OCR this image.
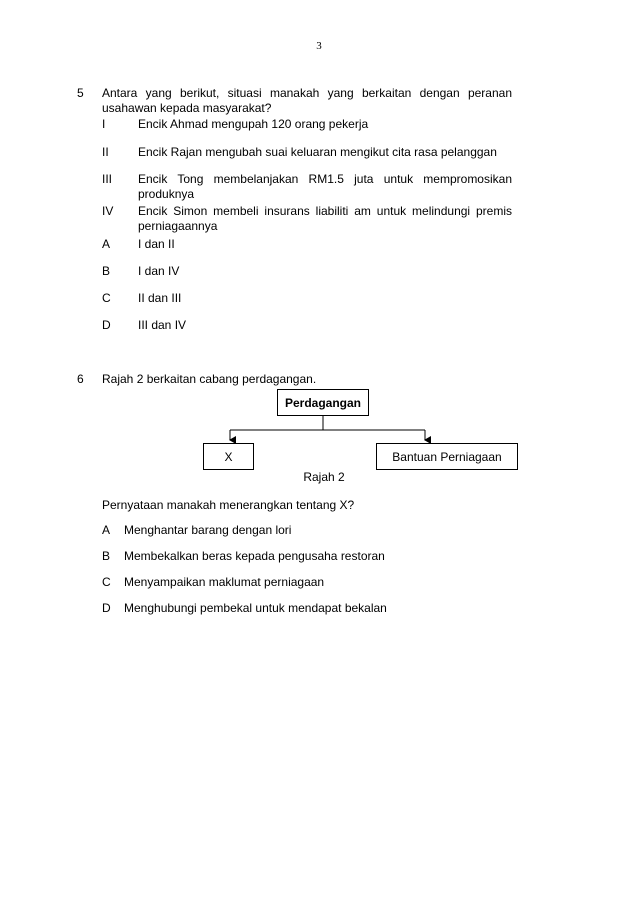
3
5 Antara yang berikut, situasi manakah yang berkaitan dengan peranan usahawan kepada masyarakat?
I	Encik Ahmad mengupah 120 orang pekerja
II Encik Rajan mengubah suai keluaran mengikut cita rasa pelanggan
III Encik Tong membelanjakan RM1.5 juta untuk mempromosikan produknya
IV Encik Simon membeli insurans liabiliti am untuk melindungi premis perniagaannya
A I dan II
B I dan IV
C II dan III
D III dan IV
6 Rajah 2 berkaitan cabang perdagangan.
Perdagangan
X	Bantuan Perniagaan
Rajah 2
Pernyataan manakah menerangkan tentang X?
A Menghantar barang dengan lori
B Membekalkan beras kepada pengusaha restoran
C Menyampaikan maklumat perniagaan
D Menghubungi pembekal untuk mendapat bekalan
